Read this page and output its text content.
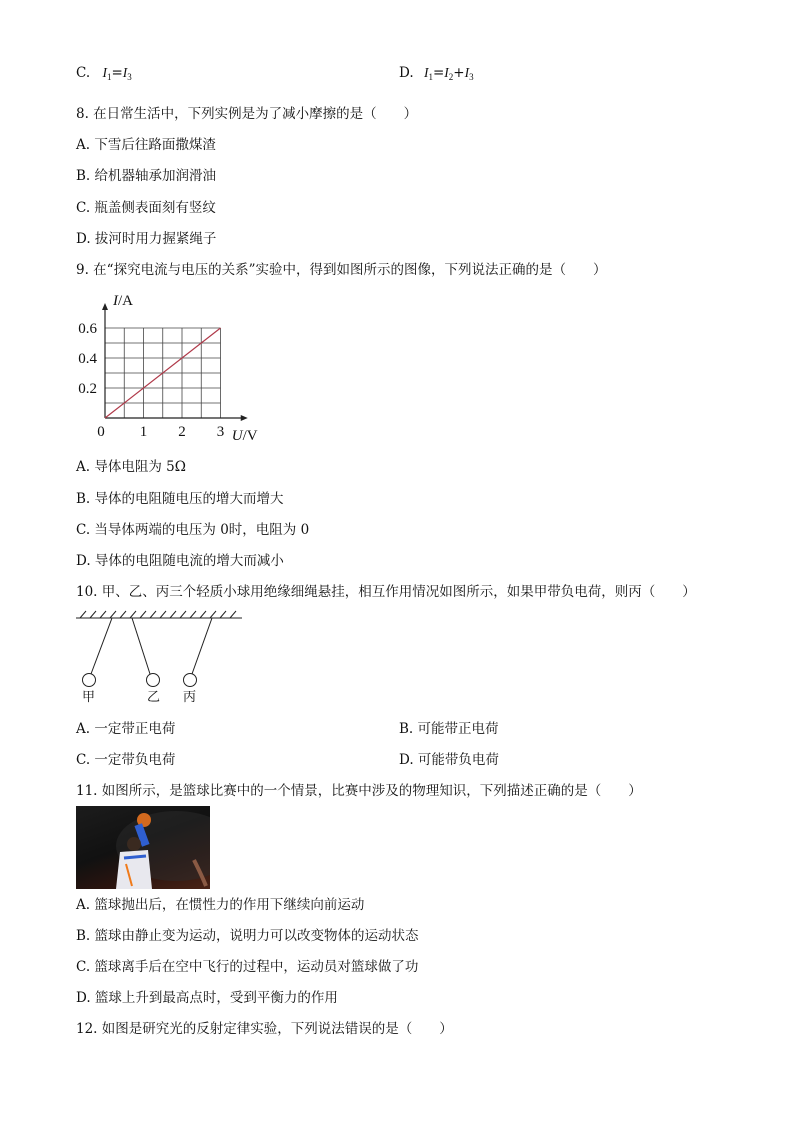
C. $I_1=I_3$	D. $I_1=I_2+I_3$
8. 在日常生活中，下列实例是为了减小摩擦的是（　　）
A. 下雪后往路面撒煤渣
B. 给机器轴承加润滑油
C. 瓶盖侧表面刻有竖纹
D. 拔河时用力握紧绳子
9. 在“探究电流与电压的关系”实验中，得到如图所示的图像，下列说法正确的是（　　）
0 1 2 3
0.2
0.4
0.6
I/A
U/V
A. 导体电阻为 5Ω
B. 导体的电阻随电压的增大而增大
C. 当导体两端的电压为 0时，电阻为 0
D. 导体的电阻随电流的增大而减小
10. 甲、乙、丙三个轻质小球用绝缘细绳悬挂，相互作用情况如图所示，如果甲带负电荷，则丙（　　）
甲	乙 丙
A. 一定带正电荷	B. 可能带正电荷
C. 一定带负电荷	D. 可能带负电荷
11. 如图所示，是篮球比赛中的一个情景，比赛中涉及的物理知识，下列描述正确的是（　　）
A. 篮球抛出后，在惯性力的作用下继续向前运动
B. 篮球由静止变为运动，说明力可以改变物体的运动状态
C. 篮球离手后在空中飞行的过程中，运动员对篮球做了功
D. 篮球上升到最高点时，受到平衡力的作用
12. 如图是研究光的反射定律实验，下列说法错误的是（　　）
